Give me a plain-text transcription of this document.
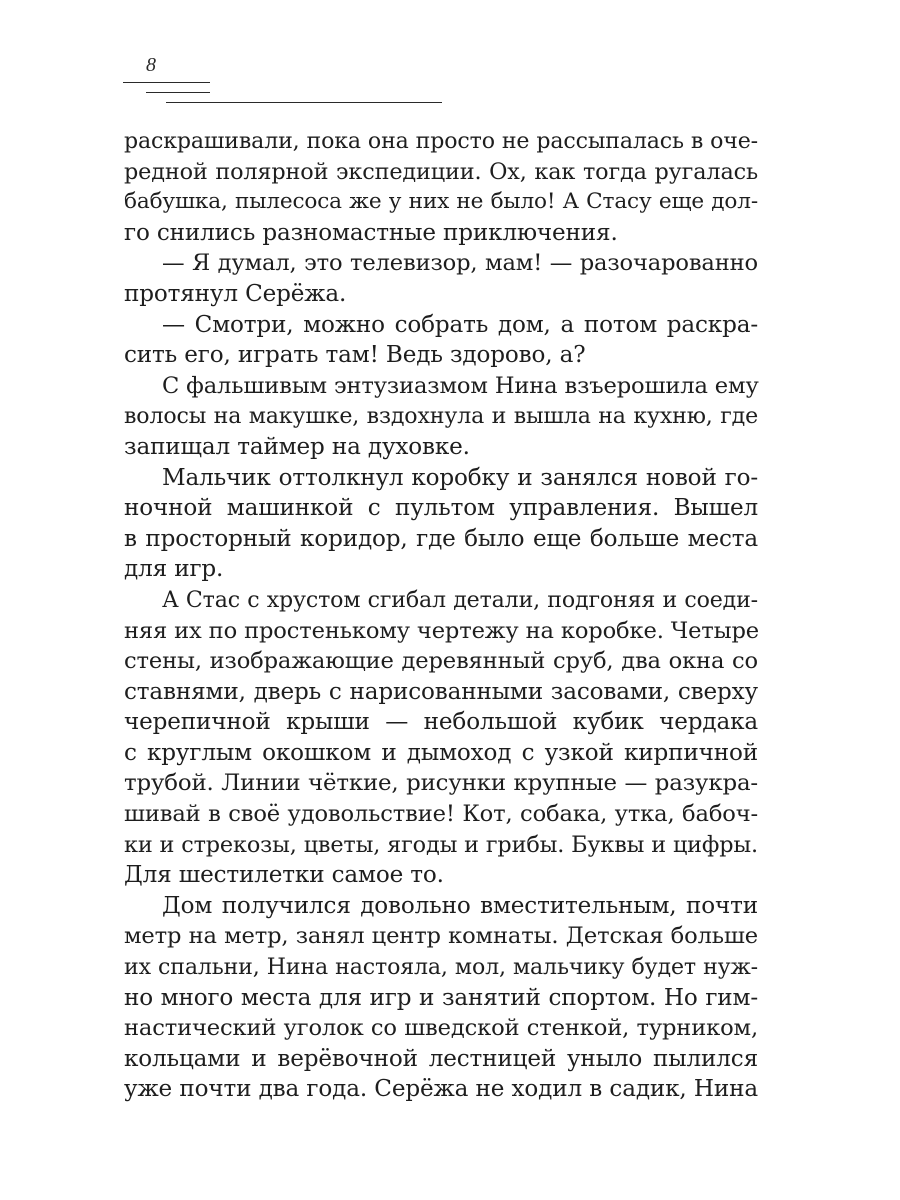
8
раскрашивали, пока она просто не рассыпалась в оче-
редной полярной экспедиции. Ох, как тогда ругалась
бабушка, пылесоса же у них не было! А Стасу еще дол-
го снились разномастные приключения.
— Я думал, это телевизор, мам! — разочарованно
протянул Серёжа.
— Смотри, можно собрать дом, а потом раскра-
сить его, играть там! Ведь здорово, а?
С фальшивым энтузиазмом Нина взъерошила ему
волосы на макушке, вздохнула и вышла на кухню, где
запищал таймер на духовке.
Мальчик оттолкнул коробку и занялся новой го-
ночной машинкой с пультом управления. Вышел
в просторный коридор, где было еще больше места
для игр.
А Стас с хрустом сгибал детали, подгоняя и соеди-
няя их по простенькому чертежу на коробке. Четыре
стены, изображающие деревянный сруб, два окна со
ставнями, дверь с нарисованными засовами, сверху
черепичной крыши — небольшой кубик чердака
с круглым окошком и дымоход с узкой кирпичной
трубой. Линии чёткие, рисунки крупные — разукра-
шивай в своё удовольствие! Кот, собака, утка, бабоч-
ки и стрекозы, цветы, ягоды и грибы. Буквы и цифры.
Для шестилетки самое то.
Дом получился довольно вместительным, почти
метр на метр, занял центр комнаты. Детская больше
их спальни, Нина настояла, мол, мальчику будет нуж-
но много места для игр и занятий спортом. Но гим-
настический уголок со шведской стенкой, турником,
кольцами и верёвочной лестницей уныло пылился
уже почти два года. Серёжа не ходил в садик, Нина
